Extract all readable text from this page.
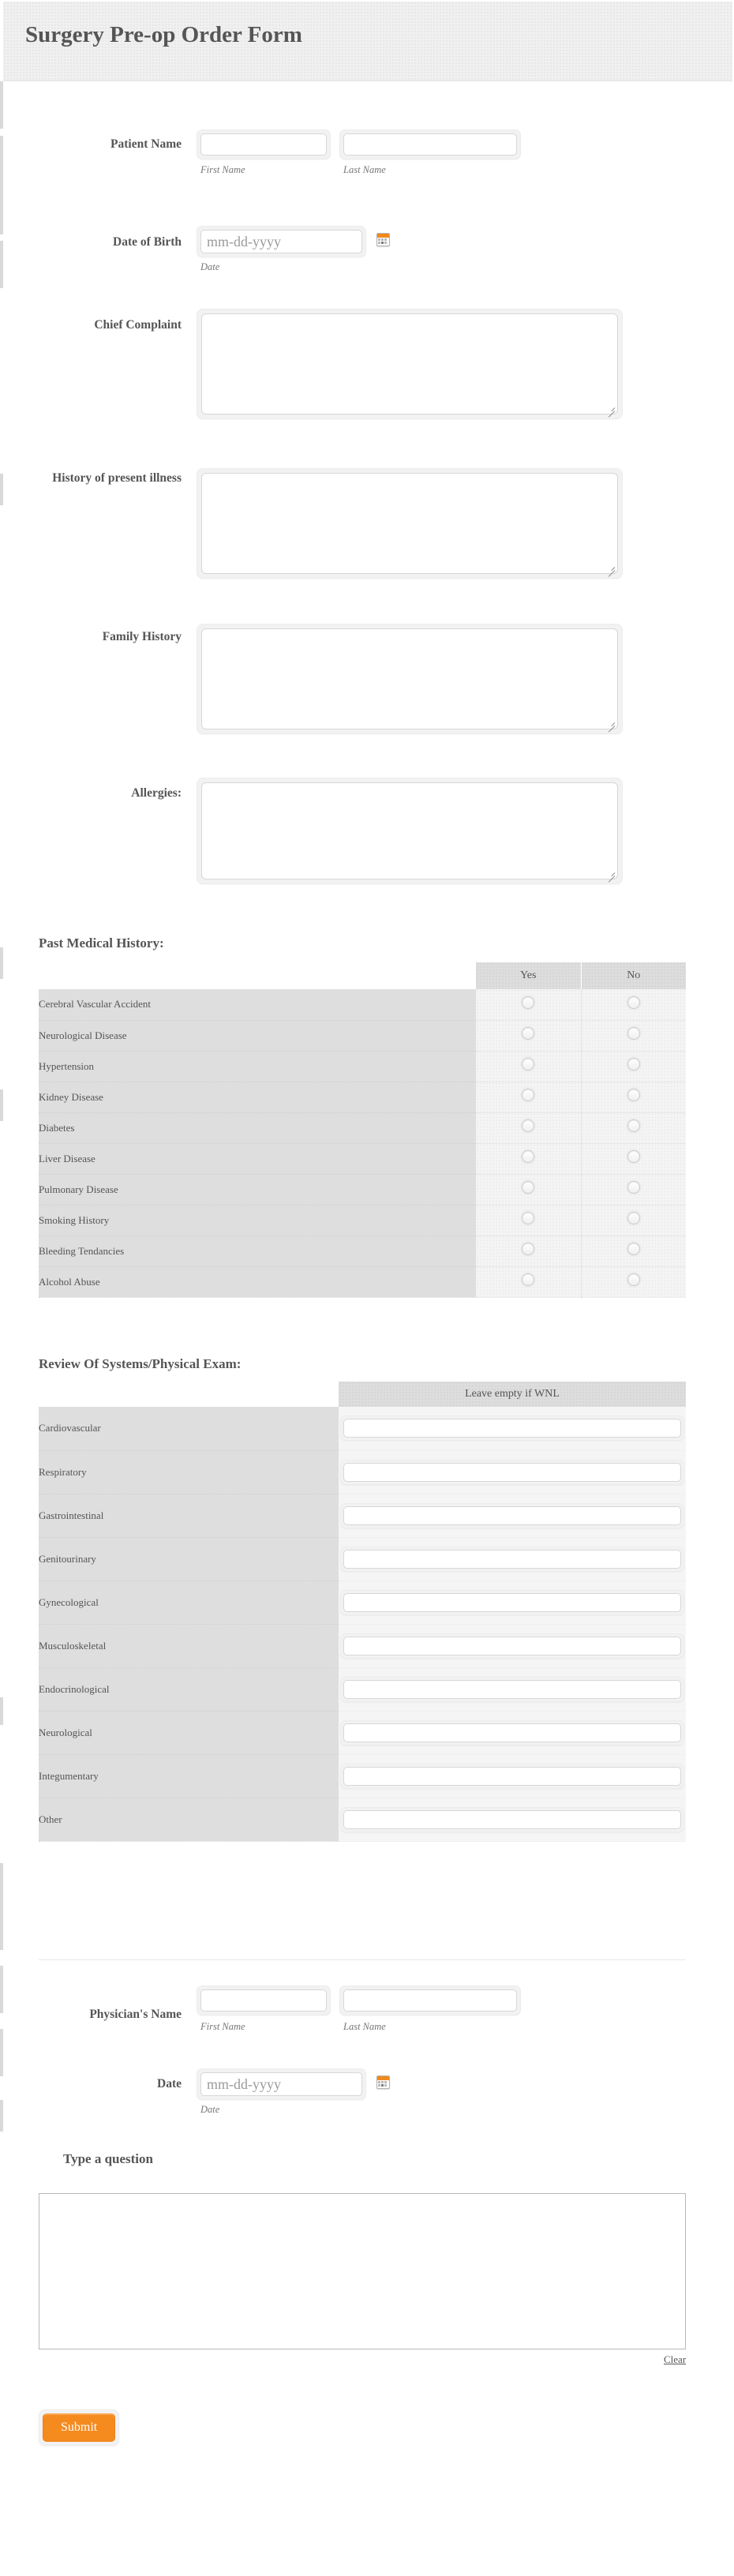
Surgery Pre-op Order Form
Patient Name
First Name	Last Name
Date of Birth
mm-dd-yyyy
Date
Chief Complaint
History of present illness
Family History
Allergies:
Past Medical History:
	Yes	No
Cerebral Vascular Accident		
Neurological Disease		
Hypertension		
Kidney Disease		
Diabetes		
Liver Disease		
Pulmonary Disease		
Smoking History		
Bleeding Tendancies		
Alcohol Abuse		
Review Of Systems/Physical Exam:
	Leave empty if WNL
Cardiovascular	

Respiratory	

Gastrointestinal	

Genitourinary	

Gynecological	

Musculoskeletal	

Endocrinological	

Neurological	

Integumentary	

Other	
Physician's Name
First Name	Last Name
Date
mm-dd-yyyy
Date
Type a question
Clear
Submit
